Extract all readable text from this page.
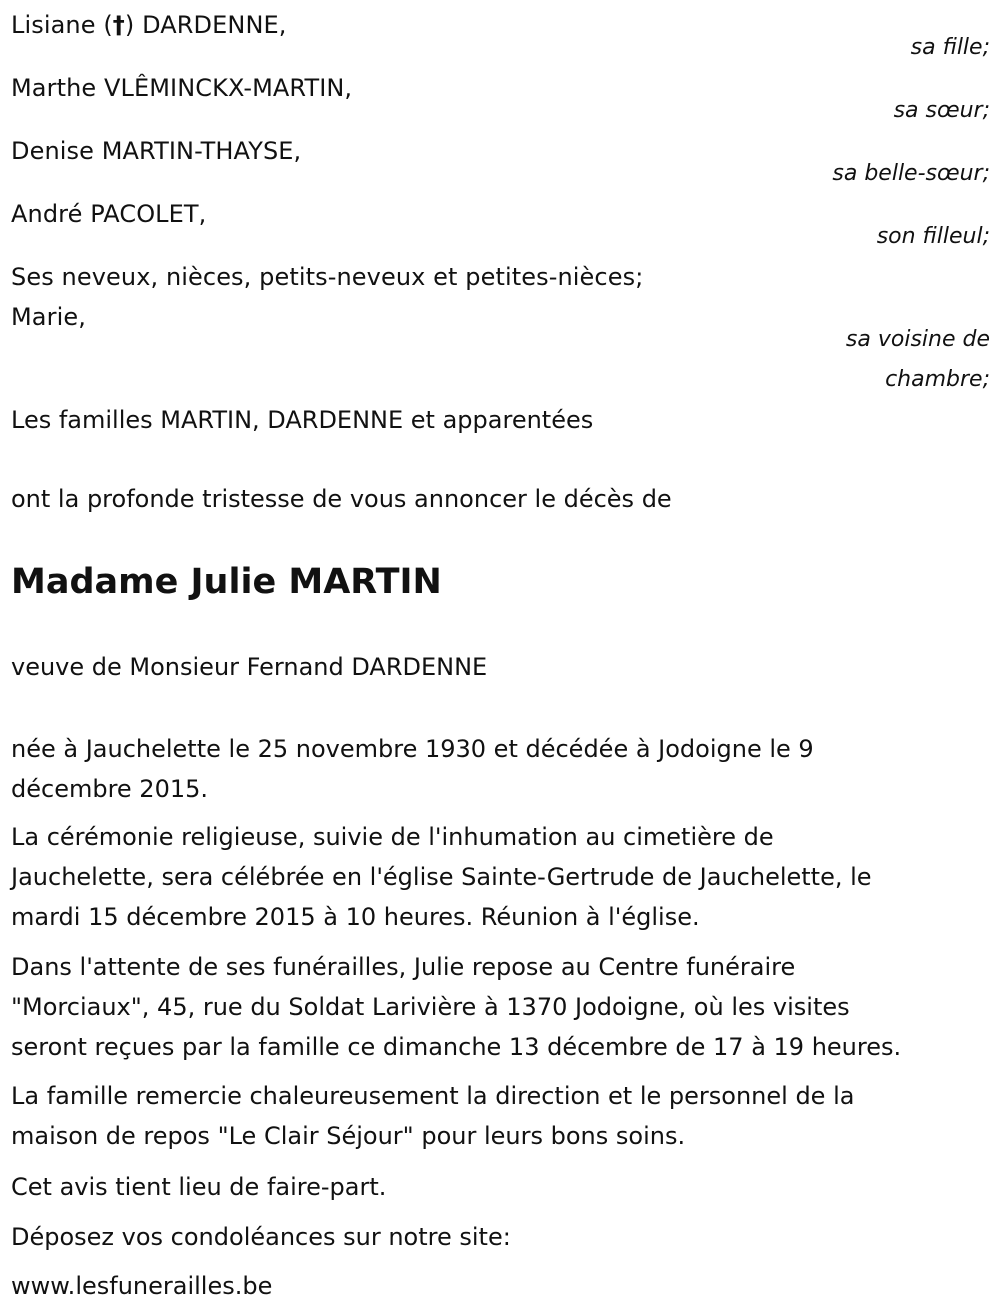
Lisiane (†) DARDENNE,
sa fille;
Marthe VLÊMINCKX-MARTIN,
sa sœur;
Denise MARTIN-THAYSE,
sa belle-sœur;
André PACOLET,
son filleul;
Ses neveux, nièces, petits-neveux et petites-nièces;
Marie,
sa voisine de
chambre;
Les familles MARTIN, DARDENNE et apparentées
ont la profonde tristesse de vous annoncer le décès de
Madame Julie MARTIN
veuve de Monsieur Fernand DARDENNE
née à Jauchelette le 25 novembre 1930 et décédée à Jodoigne le 9
décembre 2015.
La cérémonie religieuse, suivie de l'inhumation au cimetière de
Jauchelette, sera célébrée en l'église Sainte-Gertrude de Jauchelette, le
mardi 15 décembre 2015 à 10 heures. Réunion à l'église.
Dans l'attente de ses funérailles, Julie repose au Centre funéraire
"Morciaux", 45, rue du Soldat Larivière à 1370 Jodoigne, où les visites
seront reçues par la famille ce dimanche 13 décembre de 17 à 19 heures.
La famille remercie chaleureusement la direction et le personnel de la
maison de repos "Le Clair Séjour" pour leurs bons soins.
Cet avis tient lieu de faire-part.
Déposez vos condoléances sur notre site:
www.lesfunerailles.be
